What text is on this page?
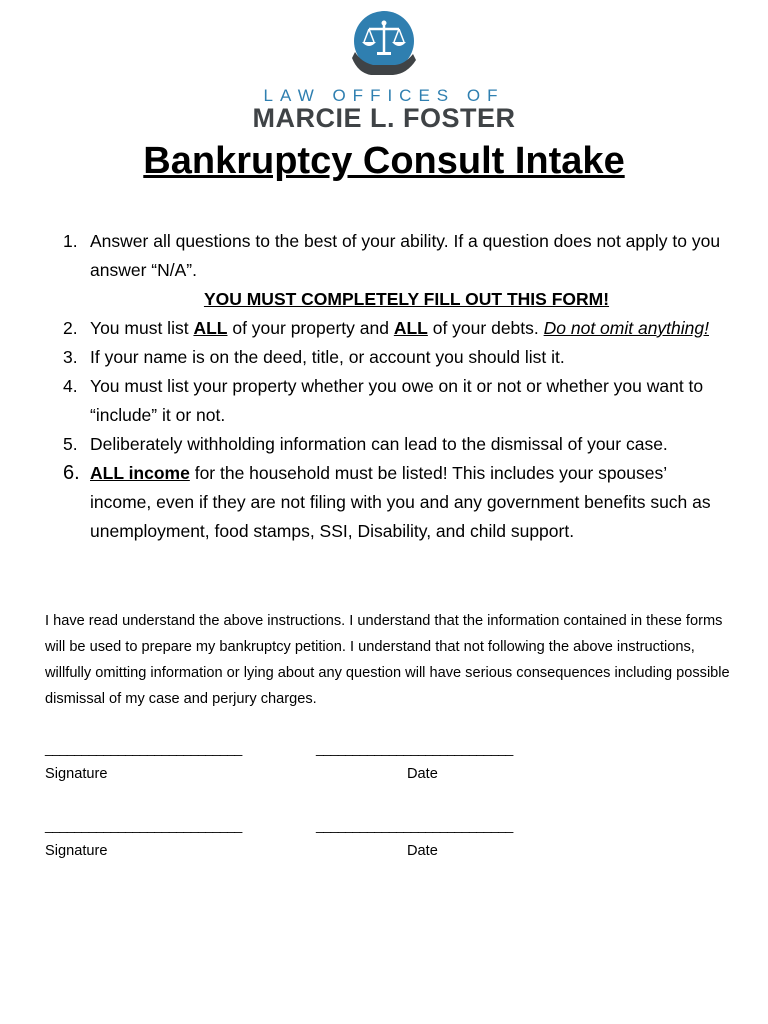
LAW OFFICES OF
MARCIE L. FOSTER
Bankruptcy Consult Intake
1. Answer all questions to the best of your ability. If a question does not apply to you answer “N/A”.
YOU MUST COMPLETELY FILL OUT THIS FORM!
2. You must list ALL of your property and ALL of your debts. Do not omit anything!
3. If your name is on the deed, title, or account you should list it.
4. You must list your property whether you owe on it or not or whether you want to “include” it or not.
5. Deliberately withholding information can lead to the dismissal of your case.
6. ALL income for the household must be listed! This includes your spouses’ income, even if they are not filing with you and any government benefits such as unemployment, food stamps, SSI, Disability, and child support.
I have read understand the above instructions. I understand that the information contained in these forms will be used to prepare my bankruptcy petition. I understand that not following the above instructions, willfully omitting information or lying about any question will have serious consequences including possible dismissal of my case and perjury charges.
___________________________	___________________________
Signature	Date
___________________________	___________________________
Signature	Date
